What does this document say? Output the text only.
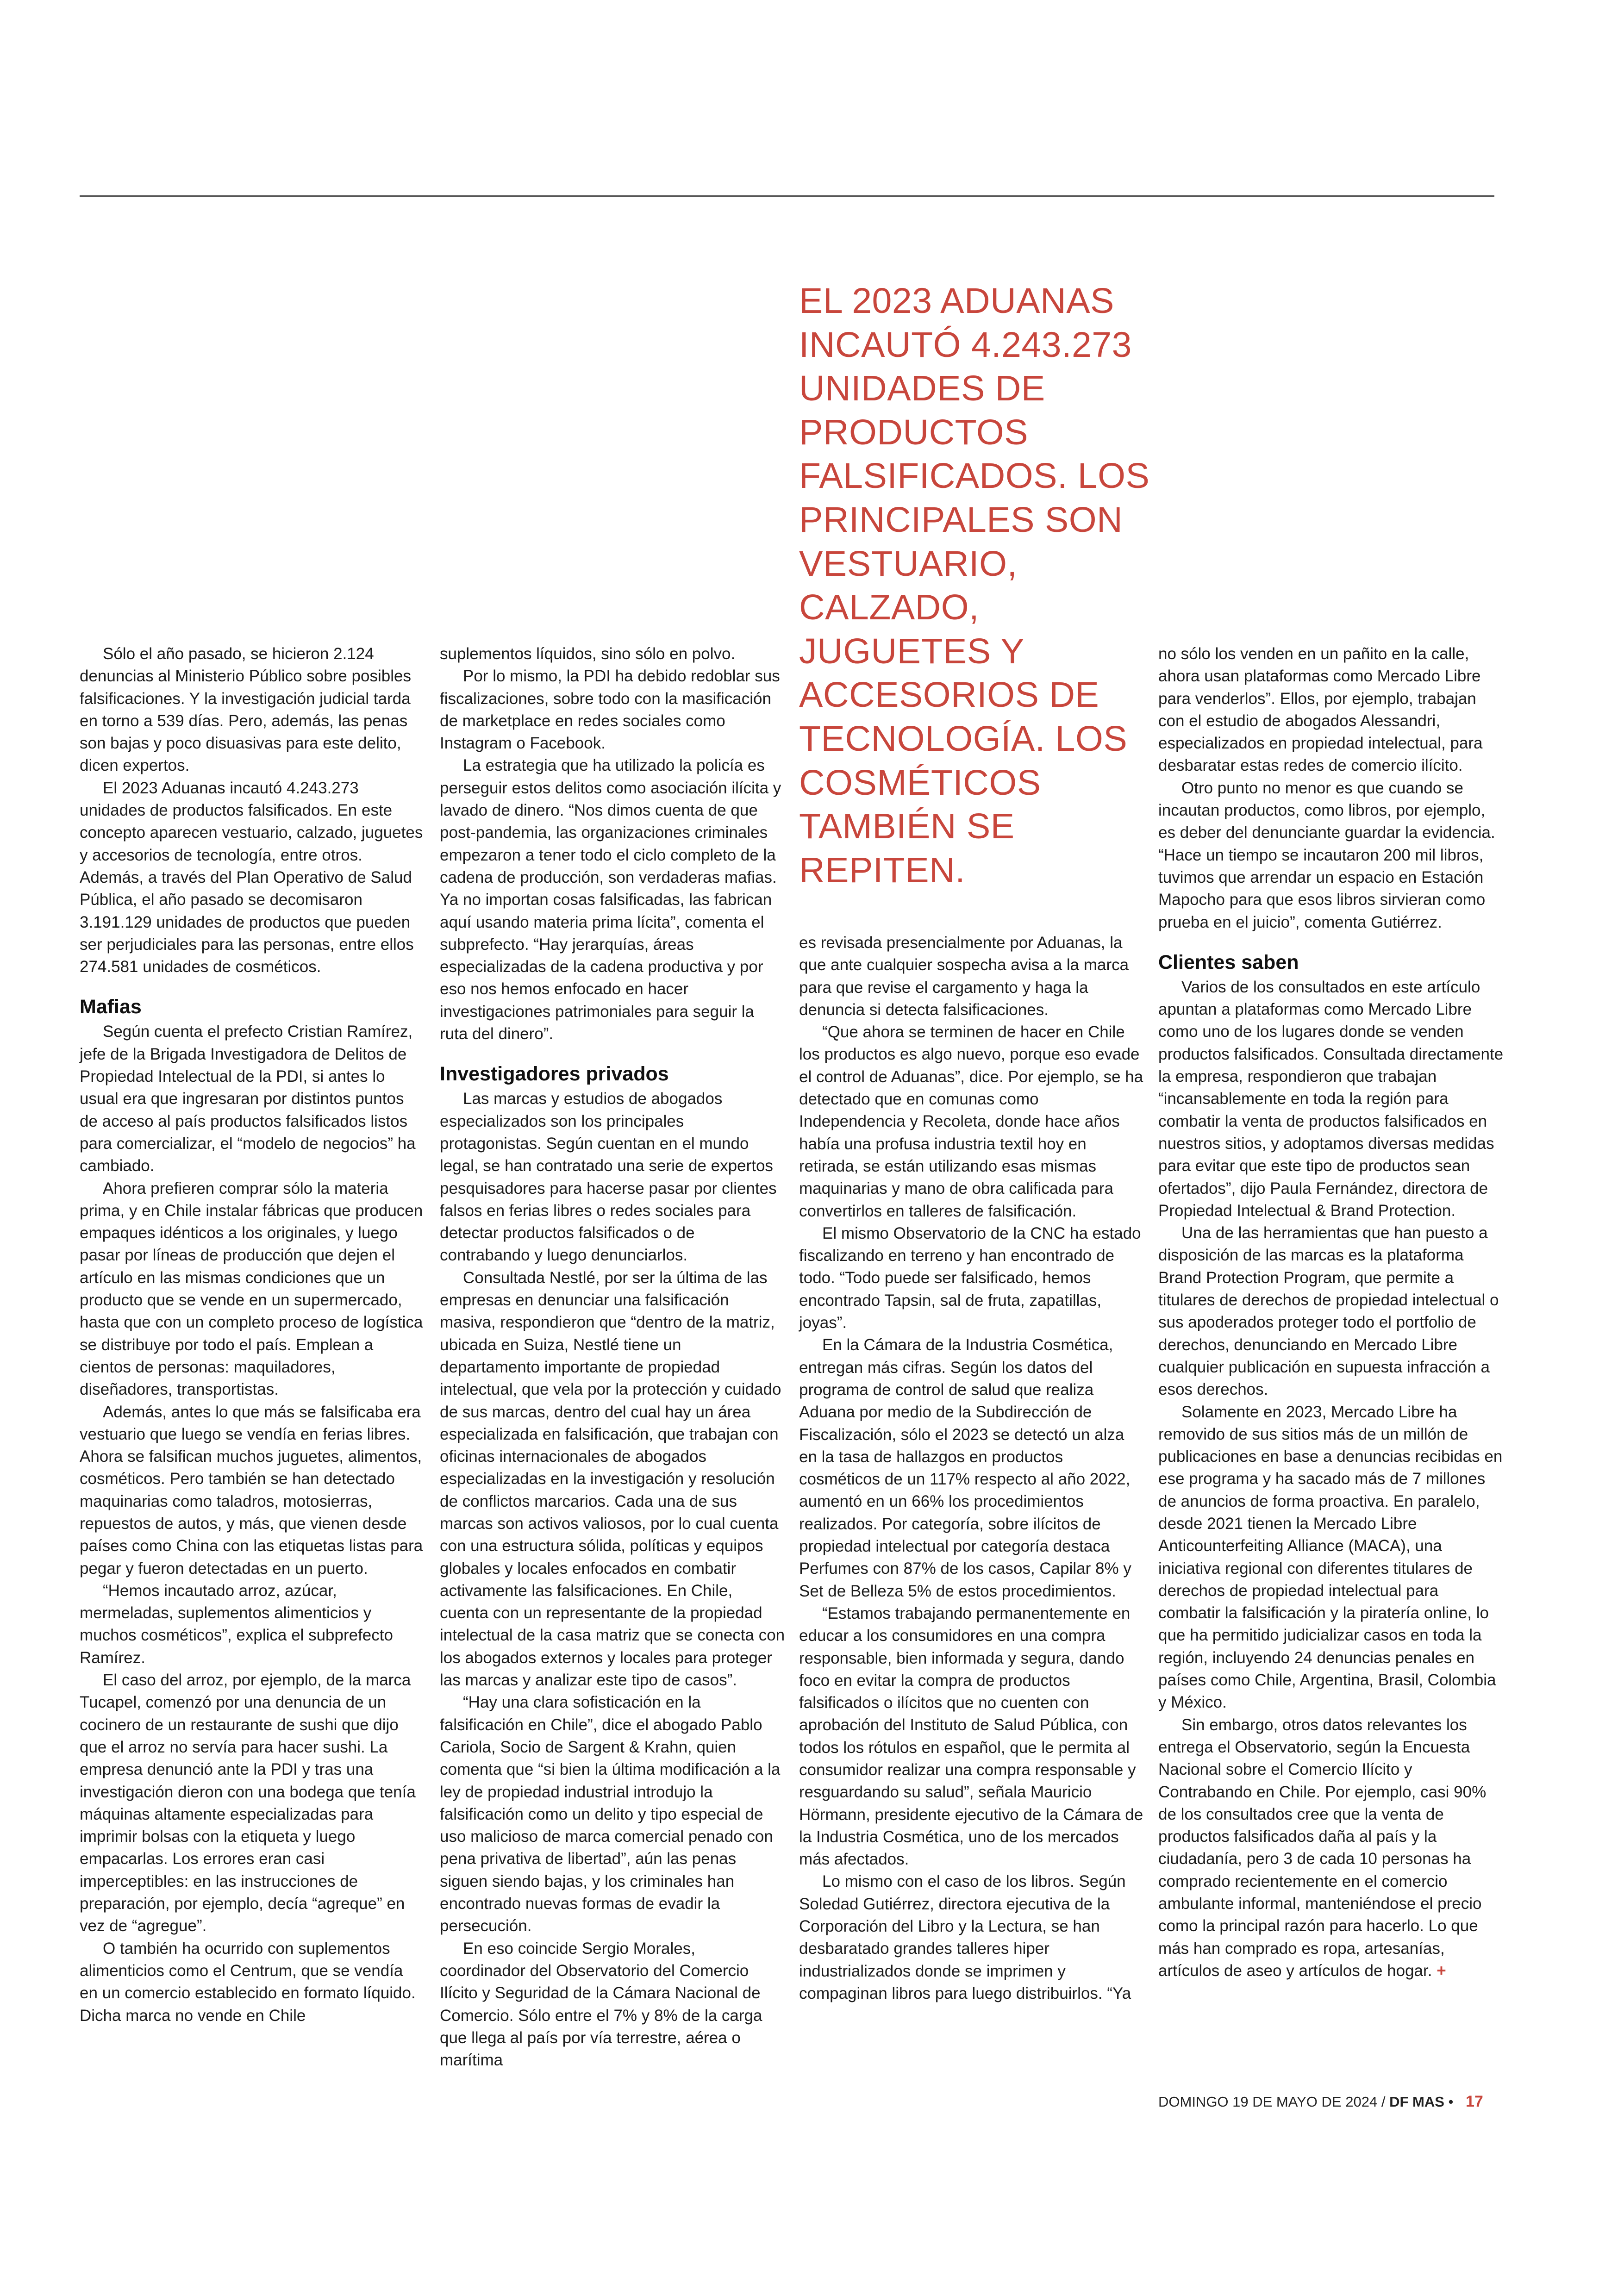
EL 2023 ADUANAS INCAUTÓ 4.243.273 UNIDADES DE PRODUCTOS FALSIFICADOS. LOS PRINCIPALES SON VESTUARIO, CALZADO, JUGUETES Y ACCESORIOS DE TECNOLOGÍA. LOS COSMÉTICOS TAMBIÉN SE REPITEN.

Sólo el año pasado, se hicieron 2.124 denuncias al Ministerio Público sobre posibles falsificaciones. Y la investigación judicial tarda en torno a 539 días. Pero, además, las penas son bajas y poco disuasivas para este delito, dicen expertos.

El 2023 Aduanas incautó 4.243.273 unidades de productos falsificados. En este concepto aparecen vestuario, calzado, juguetes y accesorios de tecnología, entre otros. Además, a través del Plan Operativo de Salud Pública, el año pasado se decomisaron 3.191.129 unidades de productos que pueden ser perjudiciales para las personas, entre ellos 274.581 unidades de cosméticos.

Mafias

Según cuenta el prefecto Cristian Ramírez, jefe de la Brigada Investigadora de Delitos de Propiedad Intelectual de la PDI, si antes lo usual era que ingresaran por distintos puntos de acceso al país productos falsificados listos para comercializar, el “modelo de negocios” ha cambiado.

Ahora prefieren comprar sólo la materia prima, y en Chile instalar fábricas que producen empaques idénticos a los originales, y luego pasar por líneas de producción que dejen el artículo en las mismas condiciones que un producto que se vende en un supermercado, hasta que con un completo proceso de logística se distribuye por todo el país. Emplean a cientos de personas: maquiladores, diseñadores, transportistas.

Además, antes lo que más se falsificaba era vestuario que luego se vendía en ferias libres. Ahora se falsifican muchos juguetes, alimentos, cosméticos. Pero también se han detectado maquinarias como taladros, motosierras, repuestos de autos, y más, que vienen desde países como China con las etiquetas listas para pegar y fueron detectadas en un puerto.

“Hemos incautado arroz, azúcar, mermeladas, suplementos alimenticios y muchos cosméticos”, explica el subprefecto Ramírez.

El caso del arroz, por ejemplo, de la marca Tucapel, comenzó por una denuncia de un cocinero de un restaurante de sushi que dijo que el arroz no servía para hacer sushi. La empresa denunció ante la PDI y tras una investigación dieron con una bodega que tenía máquinas altamente especializadas para imprimir bolsas con la etiqueta y luego empacarlas. Los errores eran casi imperceptibles: en las instrucciones de preparación, por ejemplo, decía “agreque” en vez de “agregue”.

O también ha ocurrido con suplementos alimenticios como el Centrum, que se vendía en un comercio establecido en formato líquido. Dicha marca no vende en Chile

suplementos líquidos, sino sólo en polvo.

Por lo mismo, la PDI ha debido redoblar sus fiscalizaciones, sobre todo con la masificación de marketplace en redes sociales como Instagram o Facebook.

La estrategia que ha utilizado la policía es perseguir estos delitos como asociación ilícita y lavado de dinero. “Nos dimos cuenta de que post-pandemia, las organizaciones criminales empezaron a tener todo el ciclo completo de la cadena de producción, son verdaderas mafias. Ya no importan cosas falsificadas, las fabrican aquí usando materia prima lícita”, comenta el subprefecto. “Hay jerarquías, áreas especializadas de la cadena productiva y por eso nos hemos enfocado en hacer investigaciones patrimoniales para seguir la ruta del dinero”.

Investigadores privados

Las marcas y estudios de abogados especializados son los principales protagonistas. Según cuentan en el mundo legal, se han contratado una serie de expertos pesquisadores para hacerse pasar por clientes falsos en ferias libres o redes sociales para detectar productos falsificados o de contrabando y luego denunciarlos.

Consultada Nestlé, por ser la última de las empresas en denunciar una falsificación masiva, respondieron que “dentro de la matriz, ubicada en Suiza, Nestlé tiene un departamento importante de propiedad intelectual, que vela por la protección y cuidado de sus marcas, dentro del cual hay un área especializada en falsificación, que trabajan con oficinas internacionales de abogados especializadas en la investigación y resolución de conflictos marcarios. Cada una de sus marcas son activos valiosos, por lo cual cuenta con una estructura sólida, políticas y equipos globales y locales enfocados en combatir activamente las falsificaciones. En Chile, cuenta con un representante de la propiedad intelectual de la casa matriz que se conecta con los abogados externos y locales para proteger las marcas y analizar este tipo de casos”.

“Hay una clara sofisticación en la falsificación en Chile”, dice el abogado Pablo Cariola, Socio de Sargent & Krahn, quien comenta que “si bien la última modificación a la ley de propiedad industrial introdujo la falsificación como un delito y tipo especial de uso malicioso de marca comercial penado con pena privativa de libertad”, aún las penas siguen siendo bajas, y los criminales han encontrado nuevas formas de evadir la persecución.

En eso coincide Sergio Morales, coordinador del Observatorio del Comercio Ilícito y Seguridad de la Cámara Nacional de Comercio. Sólo entre el 7% y 8% de la carga que llega al país por vía terrestre, aérea o marítima

es revisada presencialmente por Aduanas, la que ante cualquier sospecha avisa a la marca para que revise el cargamento y haga la denuncia si detecta falsificaciones.

“Que ahora se terminen de hacer en Chile los productos es algo nuevo, porque eso evade el control de Aduanas”, dice. Por ejemplo, se ha detectado que en comunas como Independencia y Recoleta, donde hace años había una profusa industria textil hoy en retirada, se están utilizando esas mismas maquinarias y mano de obra calificada para convertirlos en talleres de falsificación.

El mismo Observatorio de la CNC ha estado fiscalizando en terreno y han encontrado de todo. “Todo puede ser falsificado, hemos encontrado Tapsin, sal de fruta, zapatillas, joyas”.

En la Cámara de la Industria Cosmética, entregan más cifras. Según los datos del programa de control de salud que realiza Aduana por medio de la Subdirección de Fiscalización, sólo el 2023 se detectó un alza en la tasa de hallazgos en productos cosméticos de un 117% respecto al año 2022, aumentó en un 66% los procedimientos realizados. Por categoría, sobre ilícitos de propiedad intelectual por categoría destaca Perfumes con 87% de los casos, Capilar 8% y Set de Belleza 5% de estos procedimientos.

“Estamos trabajando permanentemente en educar a los consumidores en una compra responsable, bien informada y segura, dando foco en evitar la compra de productos falsificados o ilícitos que no cuenten con aprobación del Instituto de Salud Pública, con todos los rótulos en español, que le permita al consumidor realizar una compra responsable y resguardando su salud”, señala Mauricio Hörmann, presidente ejecutivo de la Cámara de la Industria Cosmética, uno de los mercados más afectados.

Lo mismo con el caso de los libros. Según Soledad Gutiérrez, directora ejecutiva de la Corporación del Libro y la Lectura, se han desbaratado grandes talleres hiper industrializados donde se imprimen y compaginan libros para luego distribuirlos. “Ya

no sólo los venden en un pañito en la calle, ahora usan plataformas como Mercado Libre para venderlos”. Ellos, por ejemplo, trabajan con el estudio de abogados Alessandri, especializados en propiedad intelectual, para desbaratar estas redes de comercio ilícito.

Otro punto no menor es que cuando se incautan productos, como libros, por ejemplo, es deber del denunciante guardar la evidencia. “Hace un tiempo se incautaron 200 mil libros, tuvimos que arrendar un espacio en Estación Mapocho para que esos libros sirvieran como prueba en el juicio”, comenta Gutiérrez.

Clientes saben

Varios de los consultados en este artículo apuntan a plataformas como Mercado Libre como uno de los lugares donde se venden productos falsificados. Consultada directamente la empresa, respondieron que trabajan “incansablemente en toda la región para combatir la venta de productos falsificados en nuestros sitios, y adoptamos diversas medidas para evitar que este tipo de productos sean ofertados”, dijo Paula Fernández, directora de Propiedad Intelectual & Brand Protection.

Una de las herramientas que han puesto a disposición de las marcas es la plataforma Brand Protection Program, que permite a titulares de derechos de propiedad intelectual o sus apoderados proteger todo el portfolio de derechos, denunciando en Mercado Libre cualquier publicación en supuesta infracción a esos derechos.

Solamente en 2023, Mercado Libre ha removido de sus sitios más de un millón de publicaciones en base a denuncias recibidas en ese programa y ha sacado más de 7 millones de anuncios de forma proactiva. En paralelo, desde 2021 tienen la Mercado Libre Anticounterfeiting Alliance (MACA), una iniciativa regional con diferentes titulares de derechos de propiedad intelectual para combatir la falsificación y la piratería online, lo que ha permitido judicializar casos en toda la región, incluyendo 24 denuncias penales en países como Chile, Argentina, Brasil, Colombia y México.

Sin embargo, otros datos relevantes los entrega el Observatorio, según la Encuesta Nacional sobre el Comercio Ilícito y Contrabando en Chile. Por ejemplo, casi 90% de los consultados cree que la venta de productos falsificados daña al país y la ciudadanía, pero 3 de cada 10 personas ha comprado recientemente en el comercio ambulante informal, manteniéndose el precio como la principal razón para hacerlo. Lo que más han comprado es ropa, artesanías, artículos de aseo y artículos de hogar. +

DOMINGO 19 DE MAYO DE 2024 / DF MAS • 17
